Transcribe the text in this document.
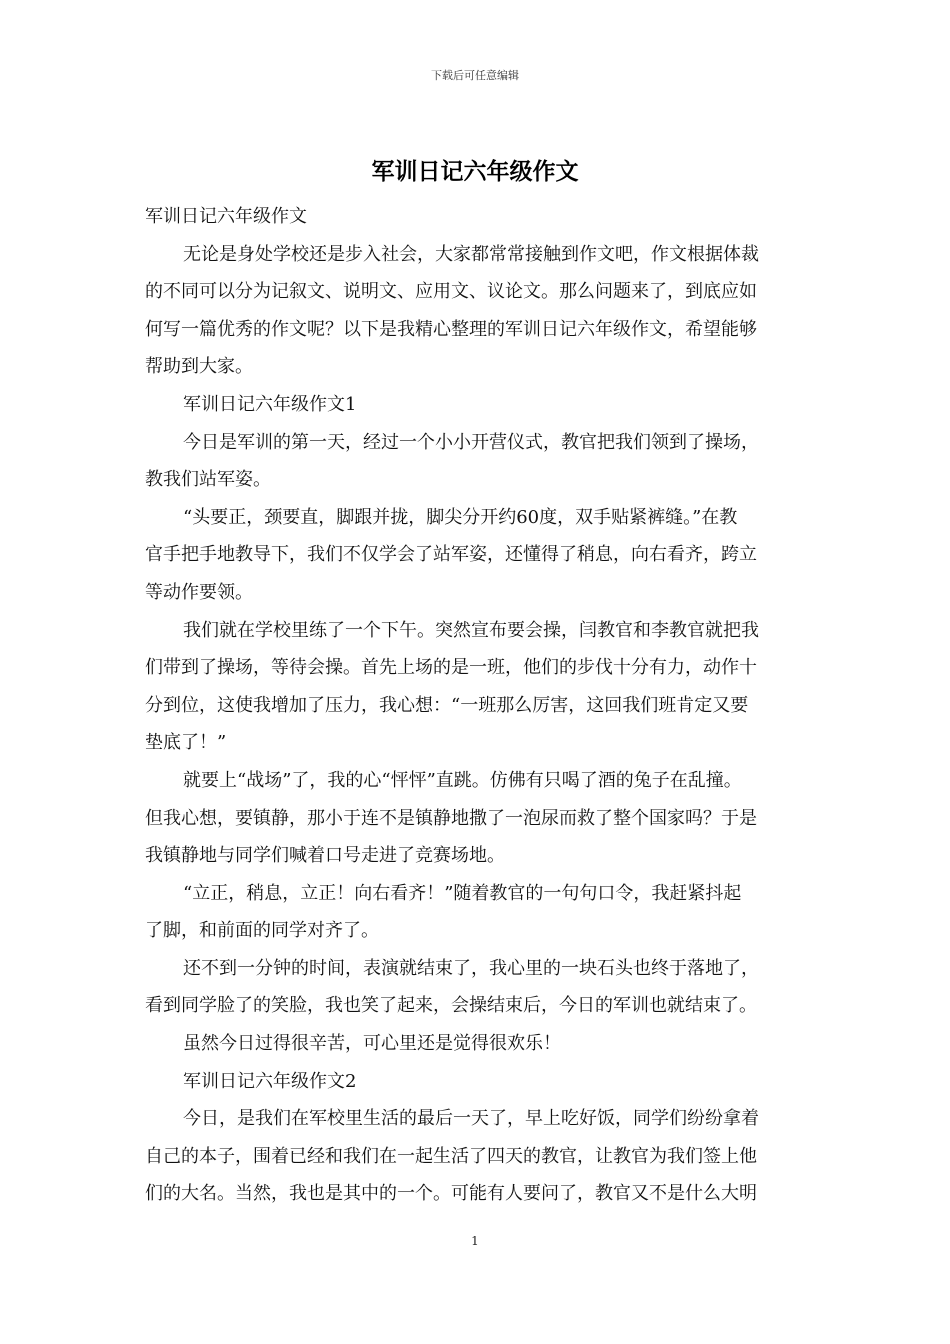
下载后可任意编辑
军训日记六年级作文
军训日记六年级作文
无论是身处学校还是步入社会，大家都常常接触到作文吧，作文根据体裁
的不同可以分为记叙文、说明文、应用文、议论文。那么问题来了，到底应如
何写一篇优秀的作文呢？以下是我精心整理的军训日记六年级作文，希望能够
帮助到大家。
军训日记六年级作文1
今日是军训的第一天，经过一个小小开营仪式，教官把我们领到了操场，
教我们站军姿。
“头要正，颈要直，脚跟并拢，脚尖分开约60度，双手贴紧裤缝。”在教
官手把手地教导下，我们不仅学会了站军姿，还懂得了稍息，向右看齐，跨立
等动作要领。
我们就在学校里练了一个下午。突然宣布要会操，闫教官和李教官就把我
们带到了操场，等待会操。首先上场的是一班，他们的步伐十分有力，动作十
分到位，这使我增加了压力，我心想：“一班那么厉害，这回我们班肯定又要
垫底了！”
就要上“战场”了，我的心“怦怦”直跳。仿佛有只喝了酒的兔子在乱撞。
但我心想，要镇静，那小于连不是镇静地撒了一泡尿而救了整个国家吗？于是
我镇静地与同学们喊着口号走进了竞赛场地。
“立正，稍息，立正！向右看齐！”随着教官的一句句口令，我赶紧抖起
了脚，和前面的同学对齐了。
还不到一分钟的时间，表演就结束了，我心里的一块石头也终于落地了，
看到同学脸了的笑脸，我也笑了起来，会操结束后，今日的军训也就结束了。
虽然今日过得很辛苦，可心里还是觉得很欢乐！
军训日记六年级作文2
今日，是我们在军校里生活的最后一天了，早上吃好饭，同学们纷纷拿着
自己的本子，围着已经和我们在一起生活了四天的教官，让教官为我们签上他
们的大名。当然，我也是其中的一个。可能有人要问了，教官又不是什么大明
1
